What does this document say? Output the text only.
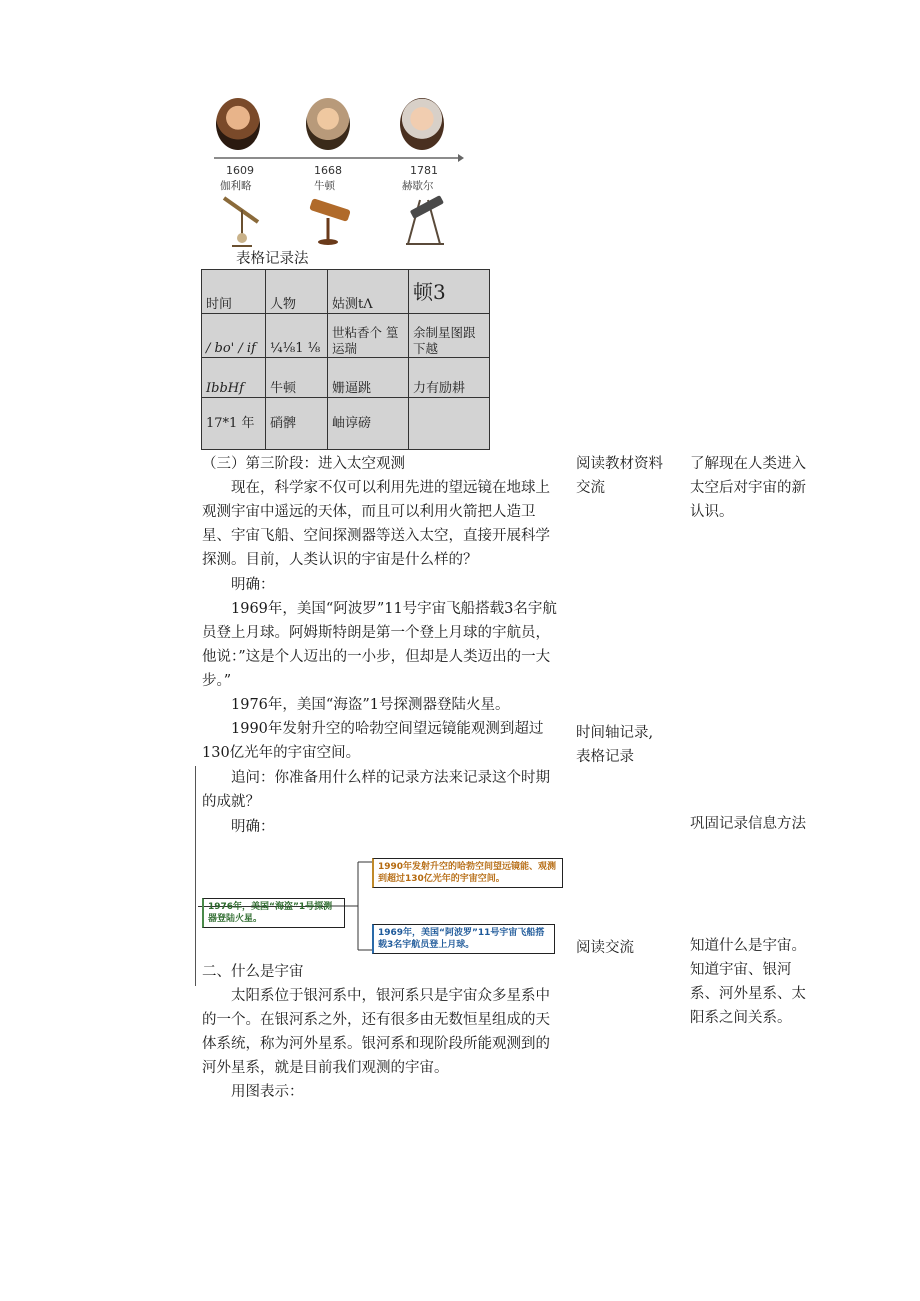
1609	1668	1781
伽利略	牛顿	赫歇尔
表格记录法
时间	人物	姑测tΛ	顿3
/ bo' / if	¼⅛1 ⅛	世粘香个 篁运瑞	余制星图跟 下越
IbbHf	牛顿	姗逼跳	力有励耕
17*1 年	硝髀	岫谆磅	

（三）第三阶段：进入太空观测

现在，科学家不仅可以利用先进的望远镜在地球上观测宇宙中遥远的天体，而且可以利用火箭把人造卫星、宇宙飞船、空间探测器等送入太空，直接开展科学探测。目前，人类认识的宇宙是什么样的？

明确：

1969年，美国“阿波罗”11号宇宙飞船搭载3名宇航员登上月球。阿姆斯特朗是第一个登上月球的宇航员，他说：”这是个人迈出的一小步，但却是人类迈出的一大步。”

1976年，美国“海盗”1号探测器登陆火星。

1990年发射升空的哈勃空间望远镜能观测到超过130亿光年的宇宙空间。

追问：你准备用什么样的记录方法来记录这个时期的成就？

明确：

1990年发射升空的哈勃空间望远镜能、观测到超过130亿光年的宇宙空间。
1976年，美国“海盗”1号探测器登陆火星。
1969年，美国“阿波罗”11号宇宙飞船搭载3名宇航员登上月球。

二、什么是宇宙

太阳系位于银河系中，银河系只是宇宙众多星系中的一个。在银河系之外，还有很多由无数恒星组成的天体系统，称为河外星系。银河系和现阶段所能观测到的河外星系，就是目前我们观测的宇宙。

用图表示：

阅读教材资料交流
时间轴记录,表格记录
阅读交流
了解现在人类进入太空后对宇宙的新认识。
巩固记录信息方法
知道什么是宇宙。知道宇宙、银河系、河外星系、太阳系之间关系。
